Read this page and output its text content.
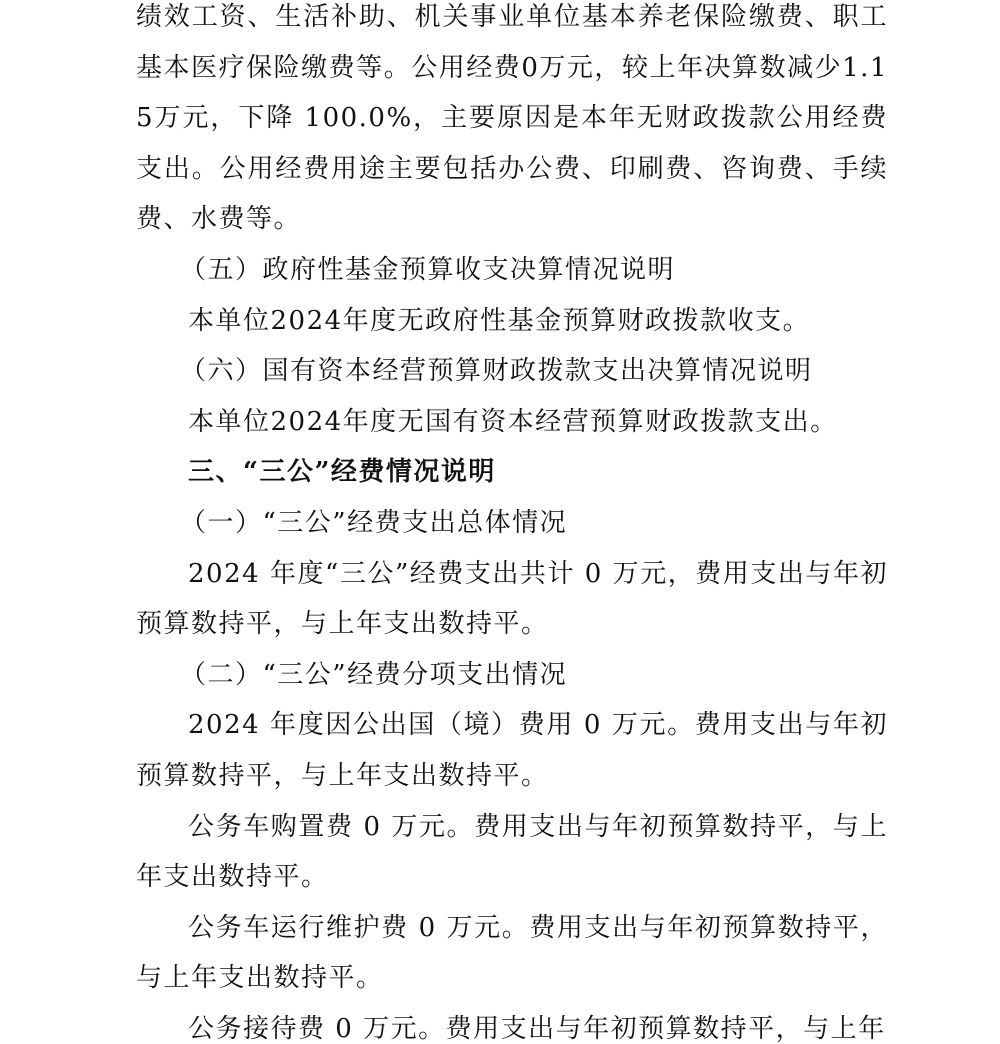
绩效工资、生活补助、机关事业单位基本养老保险缴费、职工基本医疗保险缴费等。公用经费0万元，较上年决算数减少1.15万元，下降 100.0%，主要原因是本年无财政拨款公用经费支出。公用经费用途主要包括办公费、印刷费、咨询费、手续费、水费等。

（五）政府性基金预算收支决算情况说明

本单位2024年度无政府性基金预算财政拨款收支。

（六）国有资本经营预算财政拨款支出决算情况说明

本单位2024年度无国有资本经营预算财政拨款支出。

三、“三公”经费情况说明

（一）“三公”经费支出总体情况

2024 年度“三公”经费支出共计 0 万元，费用支出与年初预算数持平，与上年支出数持平。

（二）“三公”经费分项支出情况

2024 年度因公出国（境）费用 0 万元。费用支出与年初预算数持平，与上年支出数持平。

公务车购置费 0 万元。费用支出与年初预算数持平，与上年支出数持平。

公务车运行维护费 0 万元。费用支出与年初预算数持平，与上年支出数持平。

公务接待费 0 万元。费用支出与年初预算数持平，与上年
